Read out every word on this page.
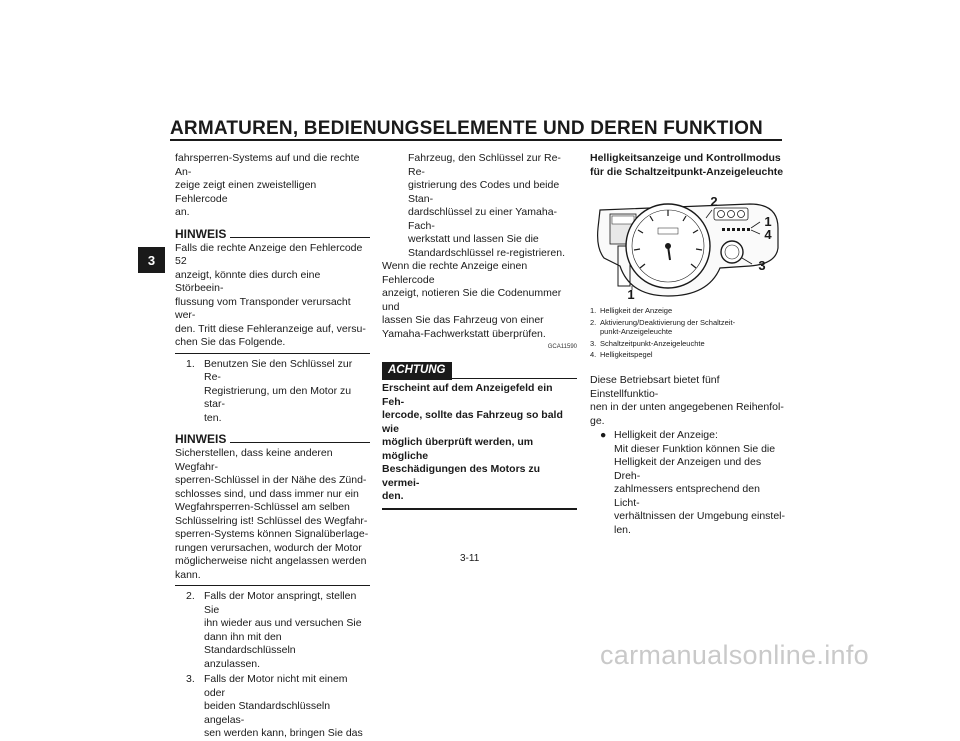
ARMATUREN, BEDIENUNGSELEMENTE UND DEREN FUNKTION
3

fahrsperren-Systems auf und die rechte An-

zeige zeigt einen zweistelligen Fehlercode

an.

HINWEIS

Falls die rechte Anzeige den Fehlercode 52

anzeigt, könnte dies durch eine Störbeein-

flussung vom Transponder verursacht wer-

den. Tritt diese Fehleranzeige auf, versu-

chen Sie das Folgende.

1. Benutzen Sie den Schlüssel zur Re-

Registrierung, um den Motor zu star-

ten.

HINWEIS

Sicherstellen, dass keine anderen Wegfahr-

sperren-Schlüssel in der Nähe des Zünd-

schlosses sind, und dass immer nur ein

Wegfahrsperren-Schlüssel am selben

Schlüsselring ist! Schlüssel des Wegfahr-

sperren-Systems können Signalüberlage-

rungen verursachen, wodurch der Motor

möglicherweise nicht angelassen werden

kann.

2. Falls der Motor anspringt, stellen Sie

ihn wieder aus und versuchen Sie

dann ihn mit den Standardschlüsseln

anzulassen.

3. Falls der Motor nicht mit einem oder

beiden Standardschlüsseln angelas-

sen werden kann, bringen Sie das

Fahrzeug, den Schlüssel zur Re-Re-

gistrierung des Codes und beide Stan-

dardschlüssel zu einer Yamaha-Fach-

werkstatt und lassen Sie die

Standardschlüssel re-registrieren.

Wenn die rechte Anzeige einen Fehlercode

anzeigt, notieren Sie die Codenummer und

lassen Sie das Fahrzeug von einer

Yamaha-Fachwerkstatt überprüfen.

GCA11590
ACHTUNG

Erscheint auf dem Anzeigefeld ein Feh-

lercode, sollte das Fahrzeug so bald wie

möglich überprüft werden, um mögliche

Beschädigungen des Motors zu vermei-

den.

Helligkeitsanzeige und Kontrollmodus

für die Schaltzeitpunkt-Anzeigeleuchte

1
2
1
4
3
1. Helligkeit der Anzeige

2. Aktivierung/Deaktivierung der Schaltzeit-

punkt-Anzeigeleuchte

3. Schaltzeitpunkt-Anzeigeleuchte

4. Helligkeitspegel

Diese Betriebsart bietet fünf Einstellfunktio-

nen in der unten angegebenen Reihenfol-

ge.

● Helligkeit der Anzeige:

Mit dieser Funktion können Sie die

Helligkeit der Anzeigen und des Dreh-

zahlmessers entsprechend den Licht-

verhältnissen der Umgebung einstel-

len.

3-11
carmanualsonline.info
